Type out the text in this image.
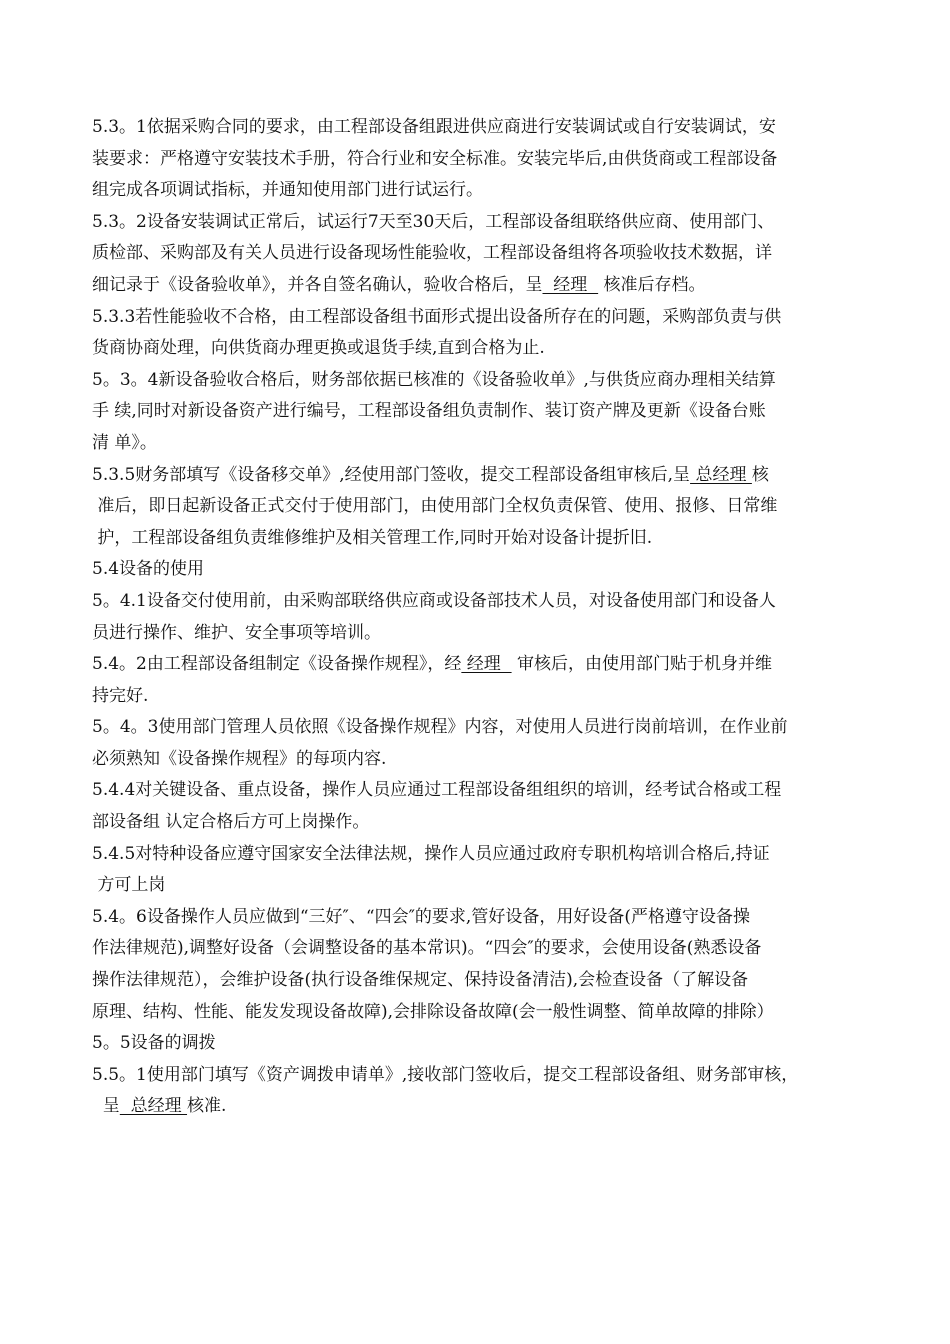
5.3。1依据采购合同的要求，由工程部设备组跟进供应商进行安装调试或自行安装调试，安
装要求：严格遵守安装技术手册，符合行业和安全标准。安装完毕后,由供货商或工程部设备
组完成各项调试指标，并通知使用部门进行试运行。

5.3。2设备安装调试正常后，试运行7天至30天后，工程部设备组联络供应商、使用部门、
质检部、采购部及有关人员进行设备现场性能验收，工程部设备组将各项验收技术数据，详
细记录于《设备验收单》，并各自签名确认，验收合格后，呈  经理   核准后存档。

5.3.3若性能验收不合格，由工程部设备组书面形式提出设备所存在的问题，采购部负责与供
货商协商处理，向供货商办理更换或退货手续,直到合格为止.

5。3。4新设备验收合格后，财务部依据已核准的《设备验收单》,与供货应商办理相关结算
手 续,同时对新设备资产进行编号，工程部设备组负责制作、装订资产牌及更新《设备台账
清 单》。

5.3.5财务部填写《设备移交单》,经使用部门签收，提交工程部设备组审核后,呈 总经理 核
准后，即日起新设备正式交付于使用部门，由使用部门全权负责保管、使用、报修、日常维
护，工程部设备组负责维修维护及相关管理工作,同时开始对设备计提折旧.

5.4设备的使用

5。4.1设备交付使用前，由采购部联络供应商或设备部技术人员，对设备使用部门和设备人
员进行操作、维护、安全事项等培训。

5.4。2由工程部设备组制定《设备操作规程》，经 经理   审核后，由使用部门贴于机身并维
持完好.

5。4。3使用部门管理人员依照《设备操作规程》内容，对使用人员进行岗前培训，在作业前
必须熟知《设备操作规程》的每项内容.

5.4.4对关键设备、重点设备，操作人员应通过工程部设备组组织的培训，经考试合格或工程
部设备组 认定合格后方可上岗操作。

5.4.5对特种设备应遵守国家安全法律法规，操作人员应通过政府专职机构培训合格后,持证
方可上岗

5.4。6设备操作人员应做到“三好″、“四会″的要求,管好设备，用好设备(严格遵守设备操
作法律规范),调整好设备（会调整设备的基本常识)。“四会″的要求，会使用设备(熟悉设备
操作法律规范），会维护设备(执行设备维保规定、保持设备清洁),会检查设备（了解设备
原理、结构、性能、能发发现设备故障),会排除设备故障(会一般性调整、简单故障的排除）

5。5设备的调拨

5.5。1使用部门填写《资产调拨申请单》,接收部门签收后，提交工程部设备组、财务部审核，
呈  总经理 核准.
